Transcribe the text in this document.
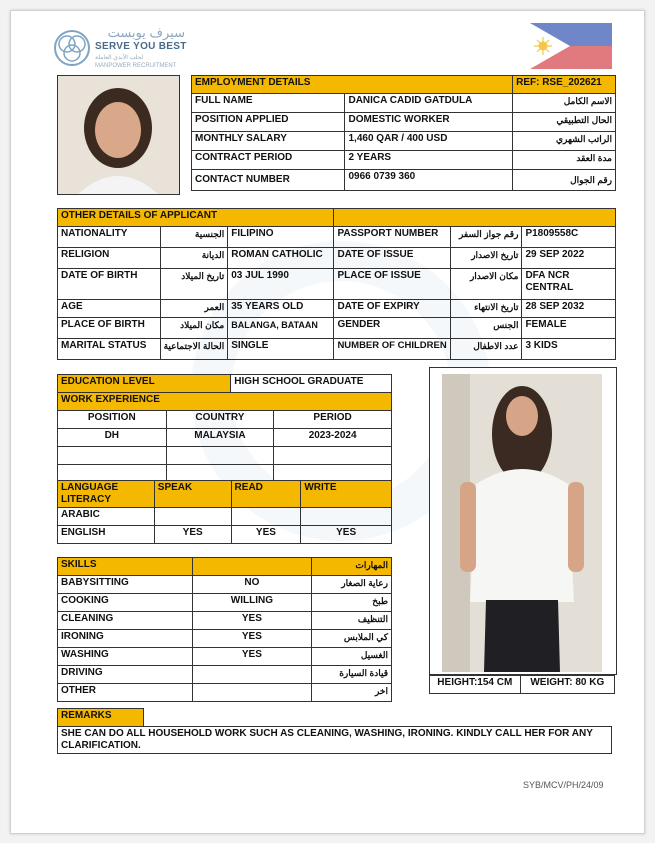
سيرف يوبست
SERVE YOU BEST
لجلب الأيدي العاملة
MANPOWER RECRUITMENT
EMPLOYMENT DETAILS		REF: RSE_202621
FULL NAME	DANICA CADID GATDULA	الاسم الكامل
POSITION APPLIED	DOMESTIC WORKER	الحال التطبيقي
MONTHLY SALARY	1,460 QAR / 400 USD	الراتب الشهري
CONTRACT PERIOD	2 YEARS	مدة العقد
CONTACT NUMBER	0966 0739 360	رقم الجوال
OTHER DETAILS OF APPLICANT					
NATIONALITY	الجنسية	FILIPINO	PASSPORT NUMBER	رقم جواز السفر	P1809558C
RELIGION	الديانة	ROMAN CATHOLIC	DATE OF ISSUE	تاريخ الاصدار	29 SEP 2022
DATE OF BIRTH	تاريخ الميلاد	03 JUL 1990	PLACE OF ISSUE	مكان الاصدار	DFA NCR CENTRAL
AGE	العمر	35 YEARS OLD	DATE OF EXPIRY	تاريخ الانتهاء	28 SEP 2032
PLACE OF BIRTH	مكان الميلاد	BALANGA, BATAAN	GENDER	الجنس	FEMALE
MARITAL STATUS	الحالة الاجتماعية	SINGLE	NUMBER OF CHILDREN	عدد الاطفال	3 KIDS
EDUCATION LEVEL		HIGH SCHOOL GRADUATE	
WORK EXPERIENCE			
POSITION	COUNTRY		PERIOD
DH	MALAYSIA		2023-2024

LANGUAGE LITERACY	SPEAK	READ	WRITE
ARABIC			
ENGLISH	YES	YES	YES
SKILLS		المهارات
BABYSITTING	NO	رعاية الصغار
COOKING	WILLING	طبخ
CLEANING	YES	التنظيف
IRONING	YES	كي الملابس
WASHING	YES	الغسيل
DRIVING		قيادة السيارة
OTHER		اخر
HEIGHT:154 CM	WEIGHT: 80 KG
REMARKS	
SHE CAN DO ALL HOUSEHOLD WORK SUCH AS CLEANING, WASHING, IRONING. KINDLY CALL HER FOR ANY CLARIFICATION.
SYB/MCV/PH/24/09
